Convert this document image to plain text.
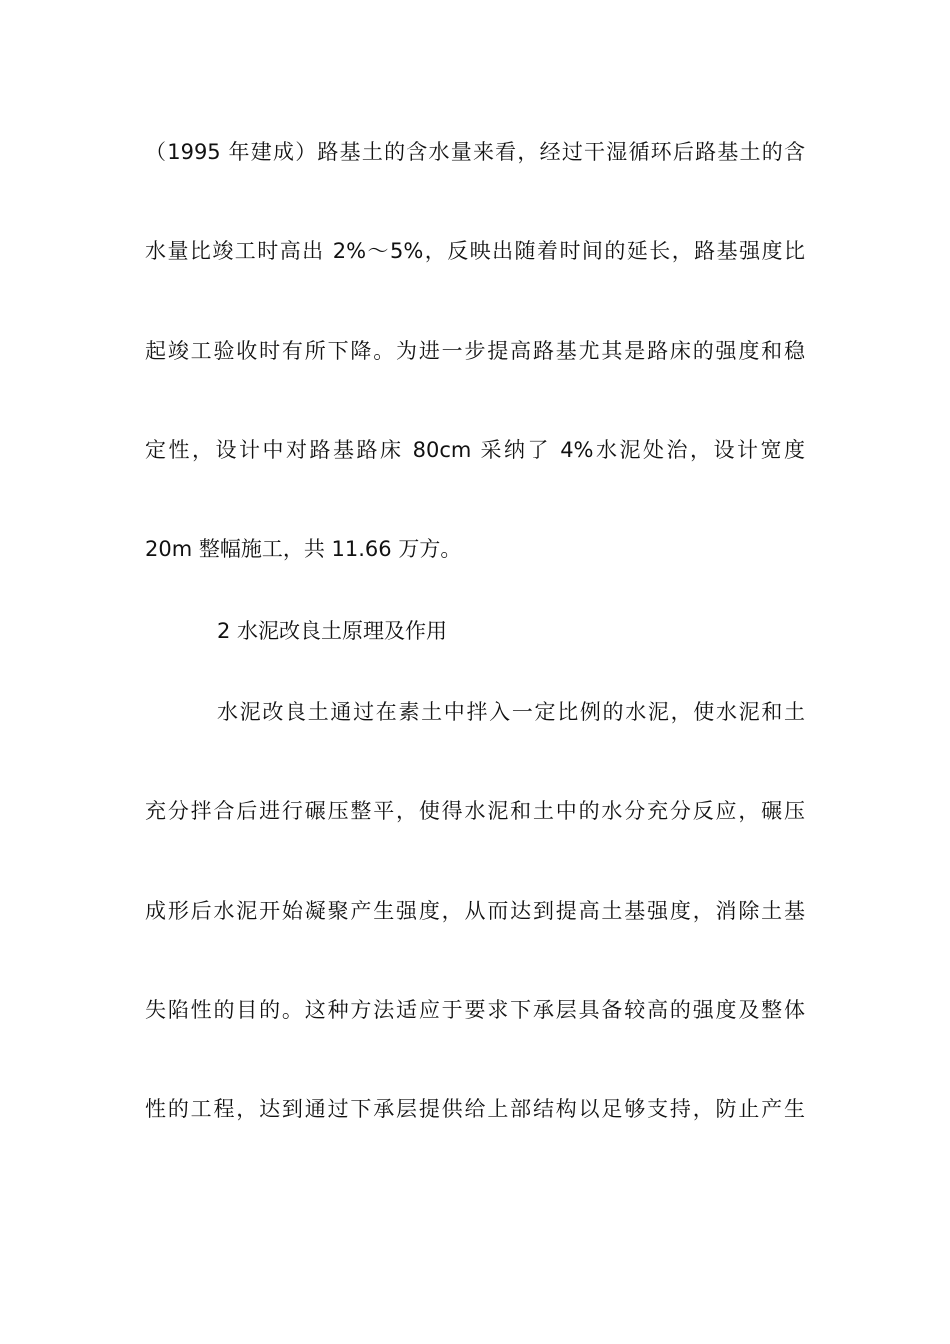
（1995 年建成）路基土的含水量来看，经过干湿循环后路基土的含
水量比竣工时高出 2%～5%，反映出随着时间的延长，路基强度比
起竣工验收时有所下降。为进一步提高路基尤其是路床的强度和稳
定性，设计中对路基路床 80cm 采纳了 4%水泥处治，设计宽度
20m 整幅施工，共 11.66 万方。
2 水泥改良土原理及作用
水泥改良土通过在素土中拌入一定比例的水泥，使水泥和土
充分拌合后进行碾压整平，使得水泥和土中的水分充分反应，碾压
成形后水泥开始凝聚产生强度，从而达到提高土基强度，消除土基
失陷性的目的。这种方法适应于要求下承层具备较高的强度及整体
性的工程，达到通过下承层提供给上部结构以足够支持，防止产生
